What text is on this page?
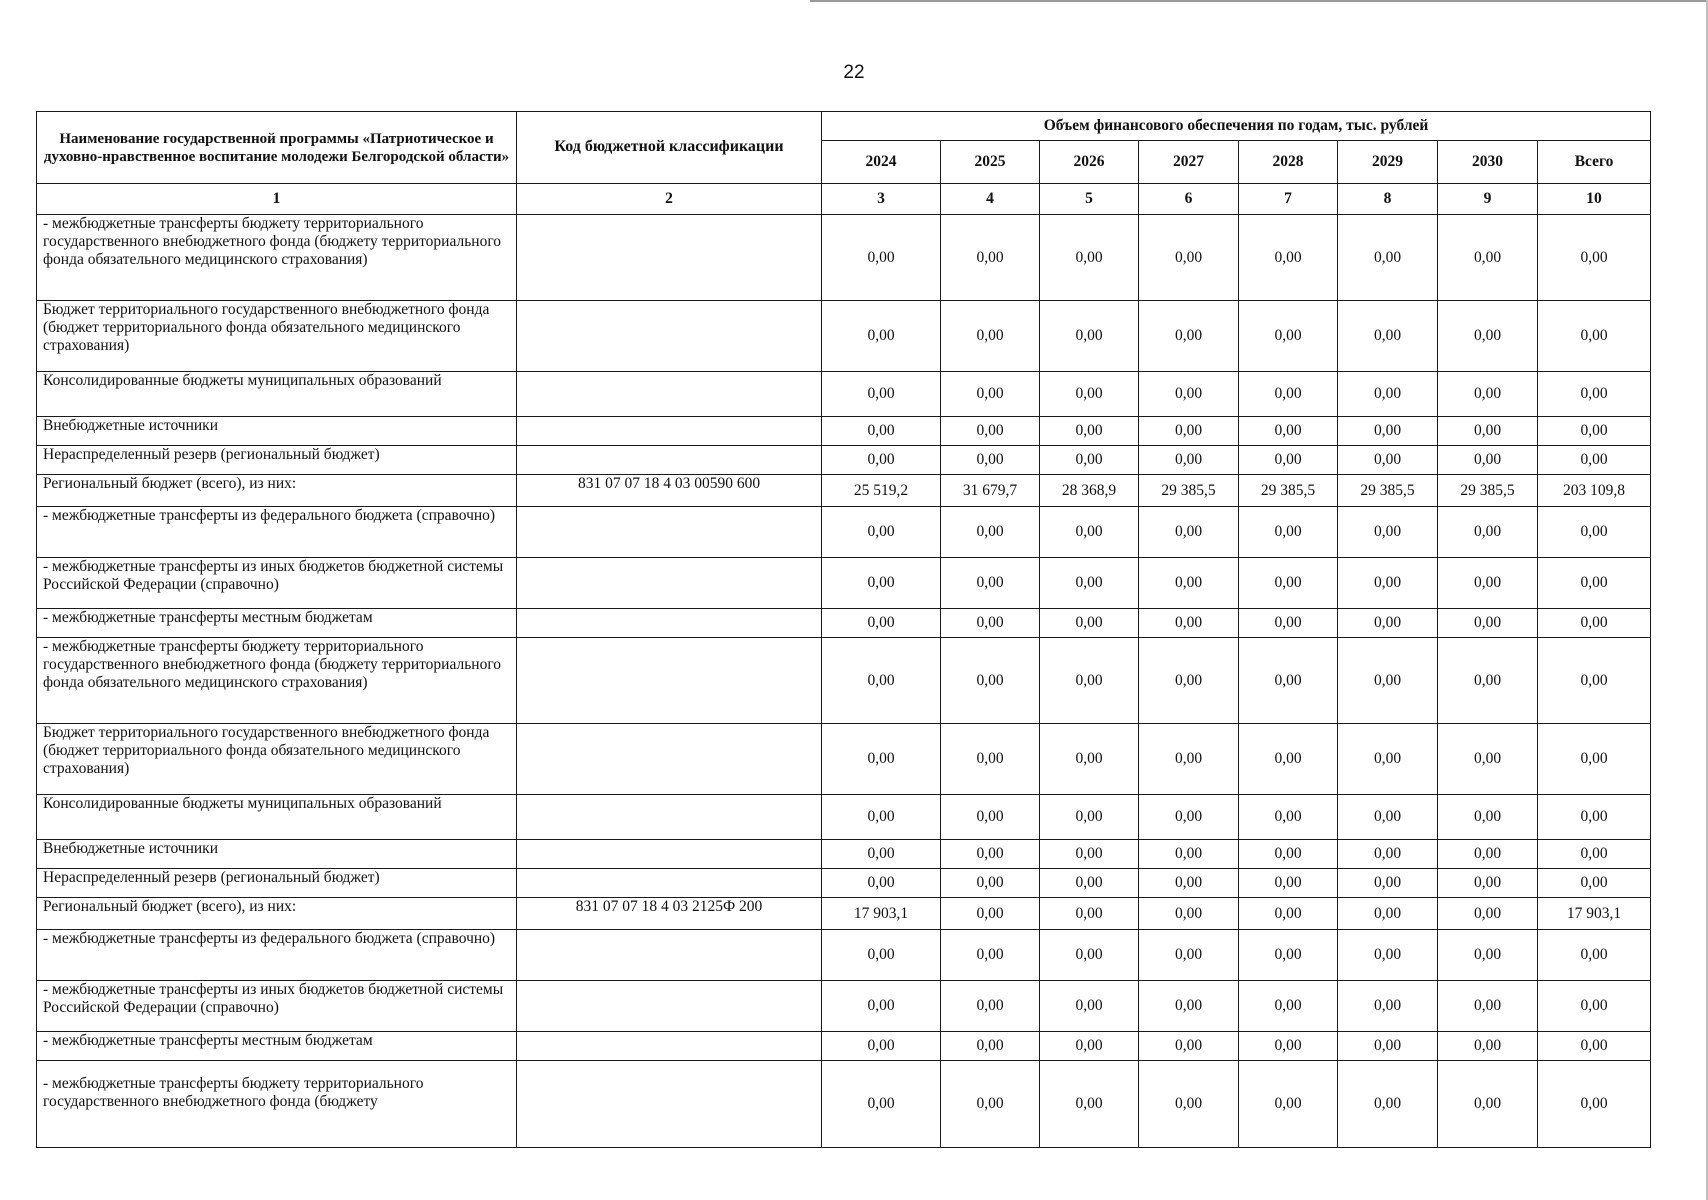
22
Наименование государственной программы «Патриотическое и духовно-нравственное воспитание молодежи Белгородской области»	Код бюджетной классификации	Объем финансового обеспечения по годам, тыс. рублей							
		2024	2025	2026	2027	2028	2029	2030	Всего
1	2	3	4	5	6	7	8	9	10
- межбюджетные трансферты бюджету территориального государственного внебюджетного фонда (бюджету территориального фонда обязательного медицинского страхования)		0,00	0,00	0,00	0,00	0,00	0,00	0,00	0,00
Бюджет территориального государственного внебюджетного фонда (бюджет территориального фонда обязательного медицинского страхования)		0,00	0,00	0,00	0,00	0,00	0,00	0,00	0,00
Консолидированные бюджеты муниципальных образований		0,00	0,00	0,00	0,00	0,00	0,00	0,00	0,00
Внебюджетные источники		0,00	0,00	0,00	0,00	0,00	0,00	0,00	0,00
Нераспределенный резерв (региональный бюджет)		0,00	0,00	0,00	0,00	0,00	0,00	0,00	0,00
Региональный бюджет (всего), из них:	831 07 07 18 4 03 00590 600	25 519,2	31 679,7	28 368,9	29 385,5	29 385,5	29 385,5	29 385,5	203 109,8
- межбюджетные трансферты из федерального бюджета (справочно)		0,00	0,00	0,00	0,00	0,00	0,00	0,00	0,00
- межбюджетные трансферты из иных бюджетов бюджетной системы Российской Федерации (справочно)		0,00	0,00	0,00	0,00	0,00	0,00	0,00	0,00
- межбюджетные трансферты местным бюджетам		0,00	0,00	0,00	0,00	0,00	0,00	0,00	0,00
- межбюджетные трансферты бюджету территориального государственного внебюджетного фонда (бюджету территориального фонда обязательного медицинского страхования)		0,00	0,00	0,00	0,00	0,00	0,00	0,00	0,00
Бюджет территориального государственного внебюджетного фонда (бюджет территориального фонда обязательного медицинского страхования)		0,00	0,00	0,00	0,00	0,00	0,00	0,00	0,00
Консолидированные бюджеты муниципальных образований		0,00	0,00	0,00	0,00	0,00	0,00	0,00	0,00
Внебюджетные источники		0,00	0,00	0,00	0,00	0,00	0,00	0,00	0,00
Нераспределенный резерв (региональный бюджет)		0,00	0,00	0,00	0,00	0,00	0,00	0,00	0,00
Региональный бюджет (всего), из них:	831 07 07 18 4 03 2125Ф 200	17 903,1	0,00	0,00	0,00	0,00	0,00	0,00	17 903,1
- межбюджетные трансферты из федерального бюджета (справочно)		0,00	0,00	0,00	0,00	0,00	0,00	0,00	0,00
- межбюджетные трансферты из иных бюджетов бюджетной системы Российской Федерации (справочно)		0,00	0,00	0,00	0,00	0,00	0,00	0,00	0,00
- межбюджетные трансферты местным бюджетам		0,00	0,00	0,00	0,00	0,00	0,00	0,00	0,00
- межбюджетные трансферты бюджету территориального государственного внебюджетного фонда (бюджету		0,00	0,00	0,00	0,00	0,00	0,00	0,00	0,00
